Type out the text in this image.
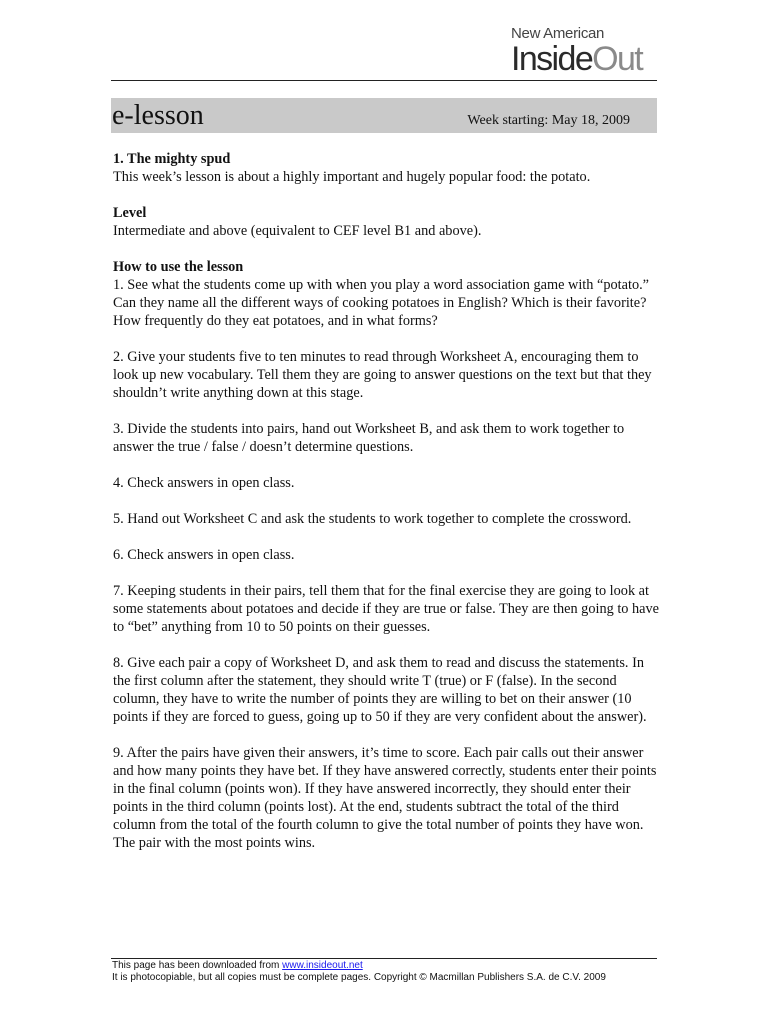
New American
InsideOut
e-lesson	Week starting: May 18, 2009
1. The mighty spud

This week’s lesson is about a highly important and hugely popular food: the potato.

Level

Intermediate and above (equivalent to CEF level B1 and above).

How to use the lesson

1. See what the students come up with when you play a word association game with “potato.” Can they name all the different ways of cooking potatoes in English? Which is their favorite? How frequently do they eat potatoes, and in what forms?

2. Give your students five to ten minutes to read through Worksheet A, encouraging them to look up new vocabulary. Tell them they are going to answer questions on the text but that they shouldn’t write anything down at this stage.

3. Divide the students into pairs, hand out Worksheet B, and ask them to work together to answer the true / false / doesn’t determine questions.

4. Check answers in open class.

5. Hand out Worksheet C and ask the students to work together to complete the crossword.

6. Check answers in open class.

7. Keeping students in their pairs, tell them that for the final exercise they are going to look at some statements about potatoes and decide if they are true or false. They are then going to have to “bet” anything from 10 to 50 points on their guesses.

8. Give each pair a copy of Worksheet D, and ask them to read and discuss the statements. In the first column after the statement, they should write T (true) or F (false). In the second column, they have to write the number of points they are willing to bet on their answer (10 points if they are forced to guess, going up to 50 if they are very confident about the answer).

9. After the pairs have given their answers, it’s time to score. Each pair calls out their answer and how many points they have bet. If they have answered correctly, students enter their points in the final column (points won). If they have answered incorrectly, they should enter their points in the third column (points lost). At the end, students subtract the total of the third column from the total of the fourth column to give the total number of points they have won. The pair with the most points wins.

This page has been downloaded from www.insideout.net
It is photocopiable, but all copies must be complete pages. Copyright © Macmillan Publishers S.A. de C.V. 2009
